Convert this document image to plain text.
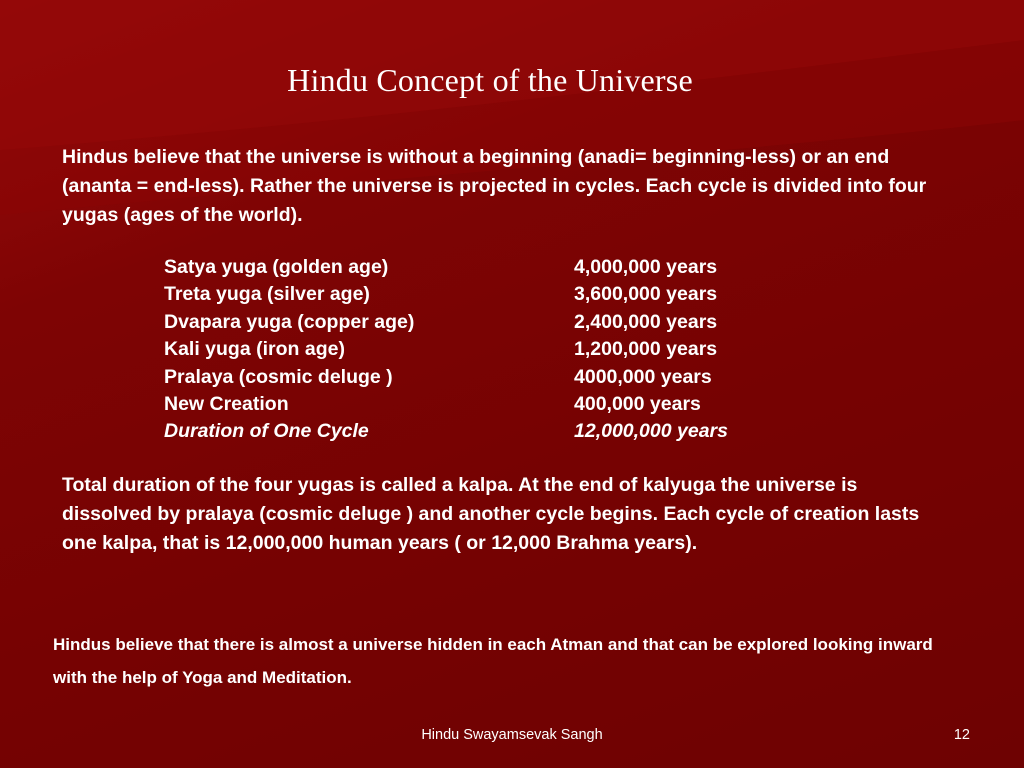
Hindu Concept of the Universe

Hindus believe that the universe is without a beginning (anadi= beginning-less) or an end (ananta = end-less). Rather the universe is projected in cycles. Each cycle is divided into four yugas (ages of the world).

Satya yuga (golden age)	4,000,000 years
Treta yuga (silver age)	3,600,000 years
Dvapara yuga (copper age)	2,400,000 years
Kali yuga (iron age)	1,200,000 years
Pralaya (cosmic deluge )	4000,000 years
New Creation	400,000 years
Duration of One Cycle	12,000,000 years

Total duration of the four yugas is called a kalpa. At the end of kalyuga the universe is dissolved by pralaya (cosmic deluge ) and another cycle begins. Each cycle of creation lasts one kalpa, that is 12,000,000 human years ( or 12,000 Brahma years).

Hindus believe that there is almost a universe hidden in each Atman and that can be explored looking inward with the help of Yoga and Meditation.

Hindu Swayamsevak Sangh	12
